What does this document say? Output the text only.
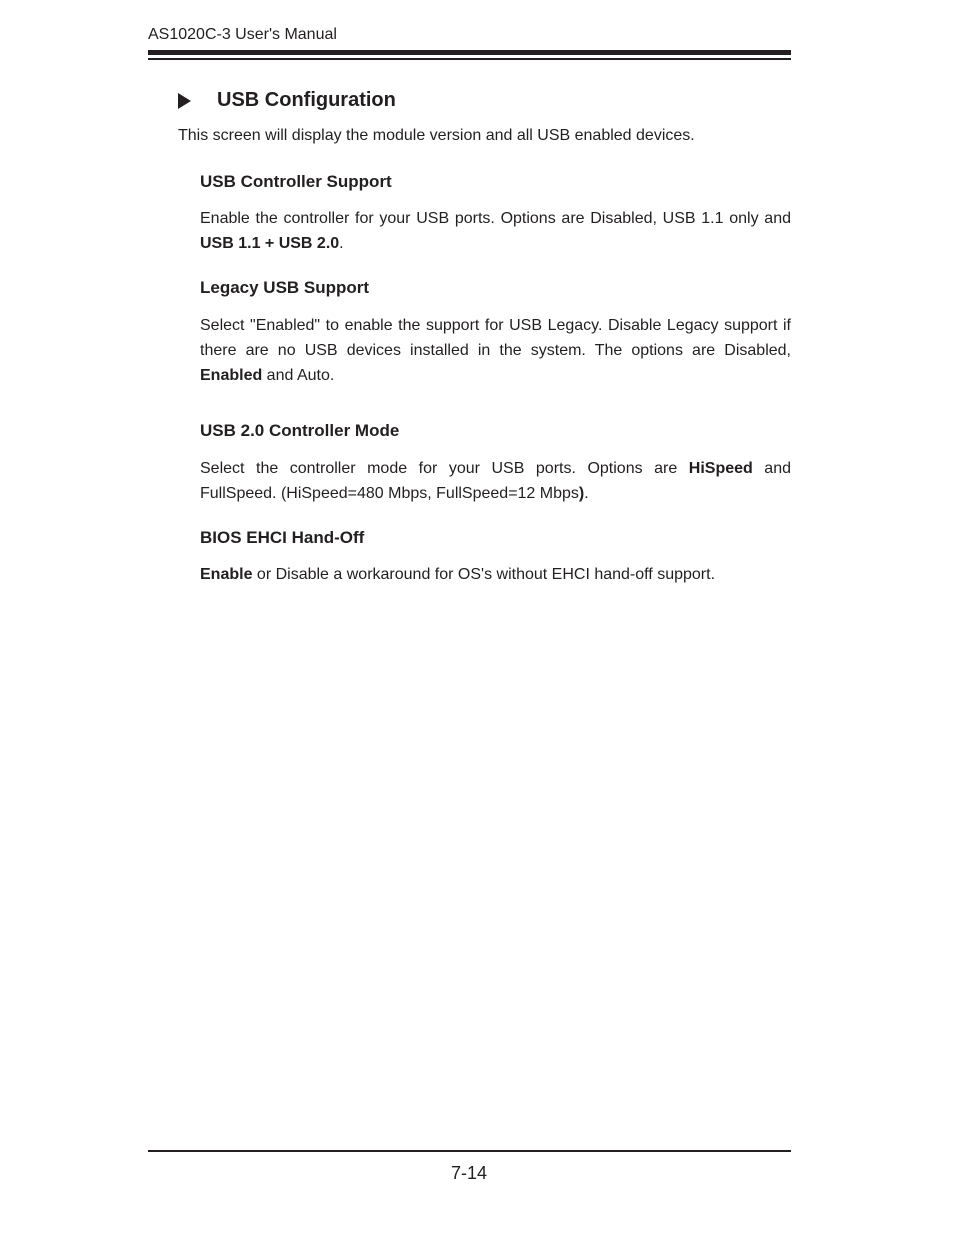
AS1020C-3 User's Manual
USB Configuration
This screen will display the module version and all USB enabled devices.
USB Controller Support
Enable the controller for your USB ports. Options are Disabled, USB 1.1 only and USB 1.1 + USB 2.0.
Legacy USB Support
Select "Enabled" to enable the support for USB Legacy. Disable Legacy support if there are no USB devices installed in the system. The options are Disabled, Enabled and Auto.
USB 2.0 Controller Mode
Select the controller mode for your USB ports. Options are HiSpeed and FullSpeed. (HiSpeed=480 Mbps, FullSpeed=12 Mbps).
BIOS EHCI Hand-Off
Enable or Disable a workaround for OS's without EHCI hand-off support.
7-14
